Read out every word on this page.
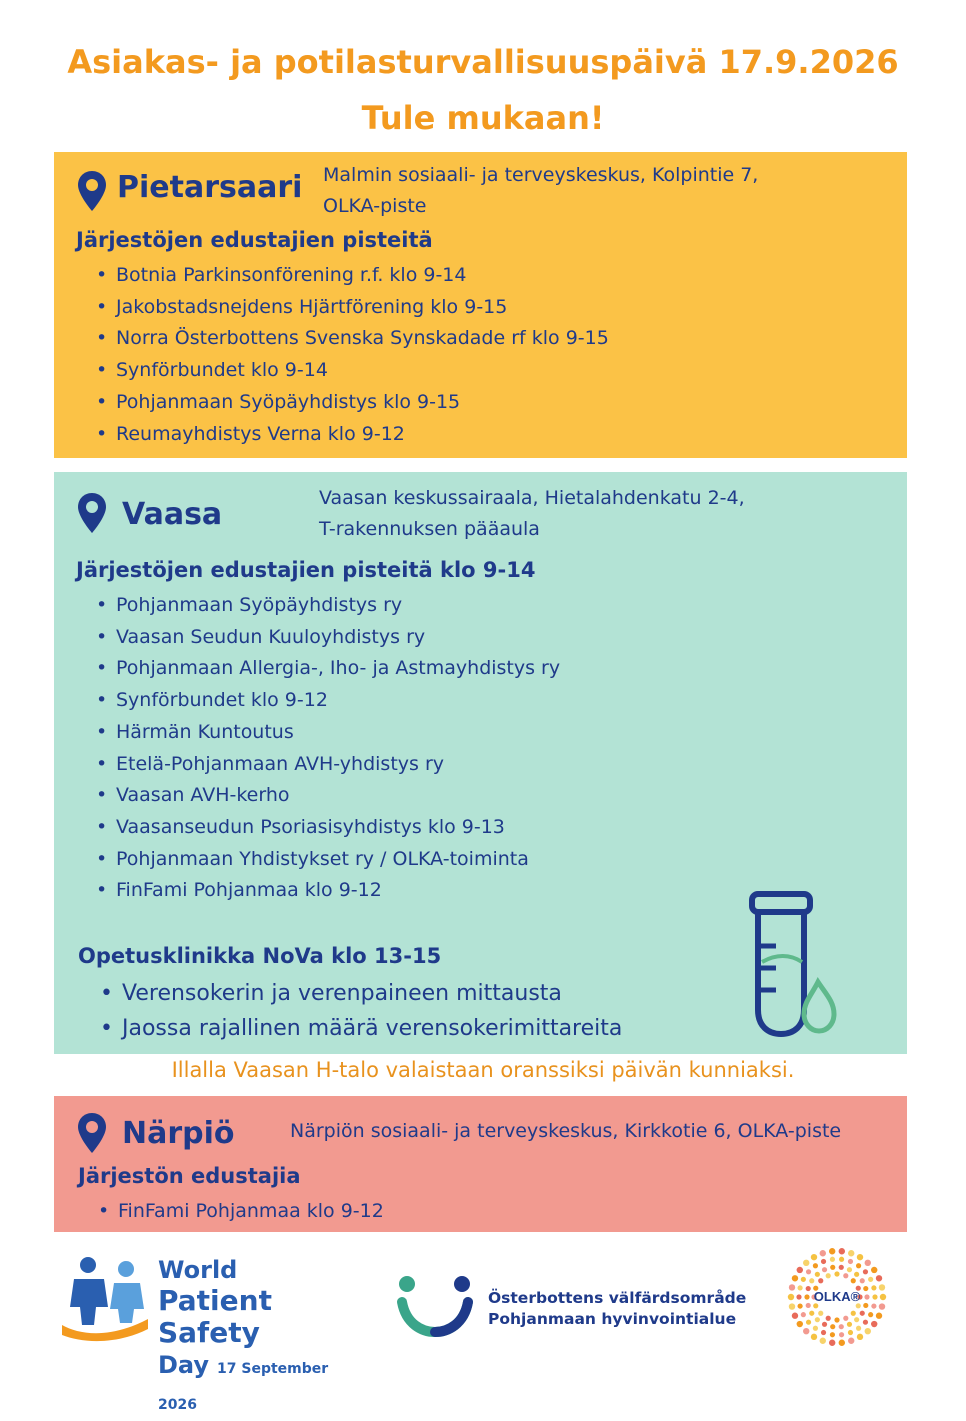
Asiakas- ja potilasturvallisuuspäivä 17.9.2026
Tule mukaan!
Pietarsaari Malmin sosiaali- ja terveyskeskus, Kolpintie 7,
OLKA-piste
Järjestöjen edustajien pisteitä
• Botnia Parkinsonförening r.f. klo 9-14
• Jakobstadsnejdens Hjärtförening klo 9-15
• Norra Österbottens Svenska Synskadade rf klo 9-15
• Synförbundet klo 9-14
• Pohjanmaan Syöpäyhdistys klo 9-15
• Reumayhdistys Verna klo 9-12
Vaasa	Vaasan keskussairaala, Hietalahdenkatu 2-4,
T-rakennuksen pääaula
Järjestöjen edustajien pisteitä klo 9-14
• Pohjanmaan Syöpäyhdistys ry
• Vaasan Seudun Kuuloyhdistys ry
• Pohjanmaan Allergia-, Iho- ja Astmayhdistys ry
• Synförbundet klo 9-12
• Härmän Kuntoutus
• Etelä-Pohjanmaan AVH-yhdistys ry
• Vaasan AVH-kerho
• Vaasanseudun Psoriasisyhdistys klo 9-13
• Pohjanmaan Yhdistykset ry / OLKA-toiminta
• FinFami Pohjanmaa klo 9-12
Opetusklinikka NoVa klo 13-15
• Verensokerin ja verenpaineen mittausta
• Jaossa rajallinen määrä verensokerimittareita
Illalla Vaasan H-talo valaistaan oranssiksi päivän kunniaksi.
Närpiö	Närpiön sosiaali- ja terveyskeskus, Kirkkotie 6, OLKA-piste
Järjestön edustajia
• FinFami Pohjanmaa klo 9-12
World
Patient Safety
Day 17 September 2026
Österbottens välfärdsområde
Pohjanmaan hyvinvointialue
OLKA®
